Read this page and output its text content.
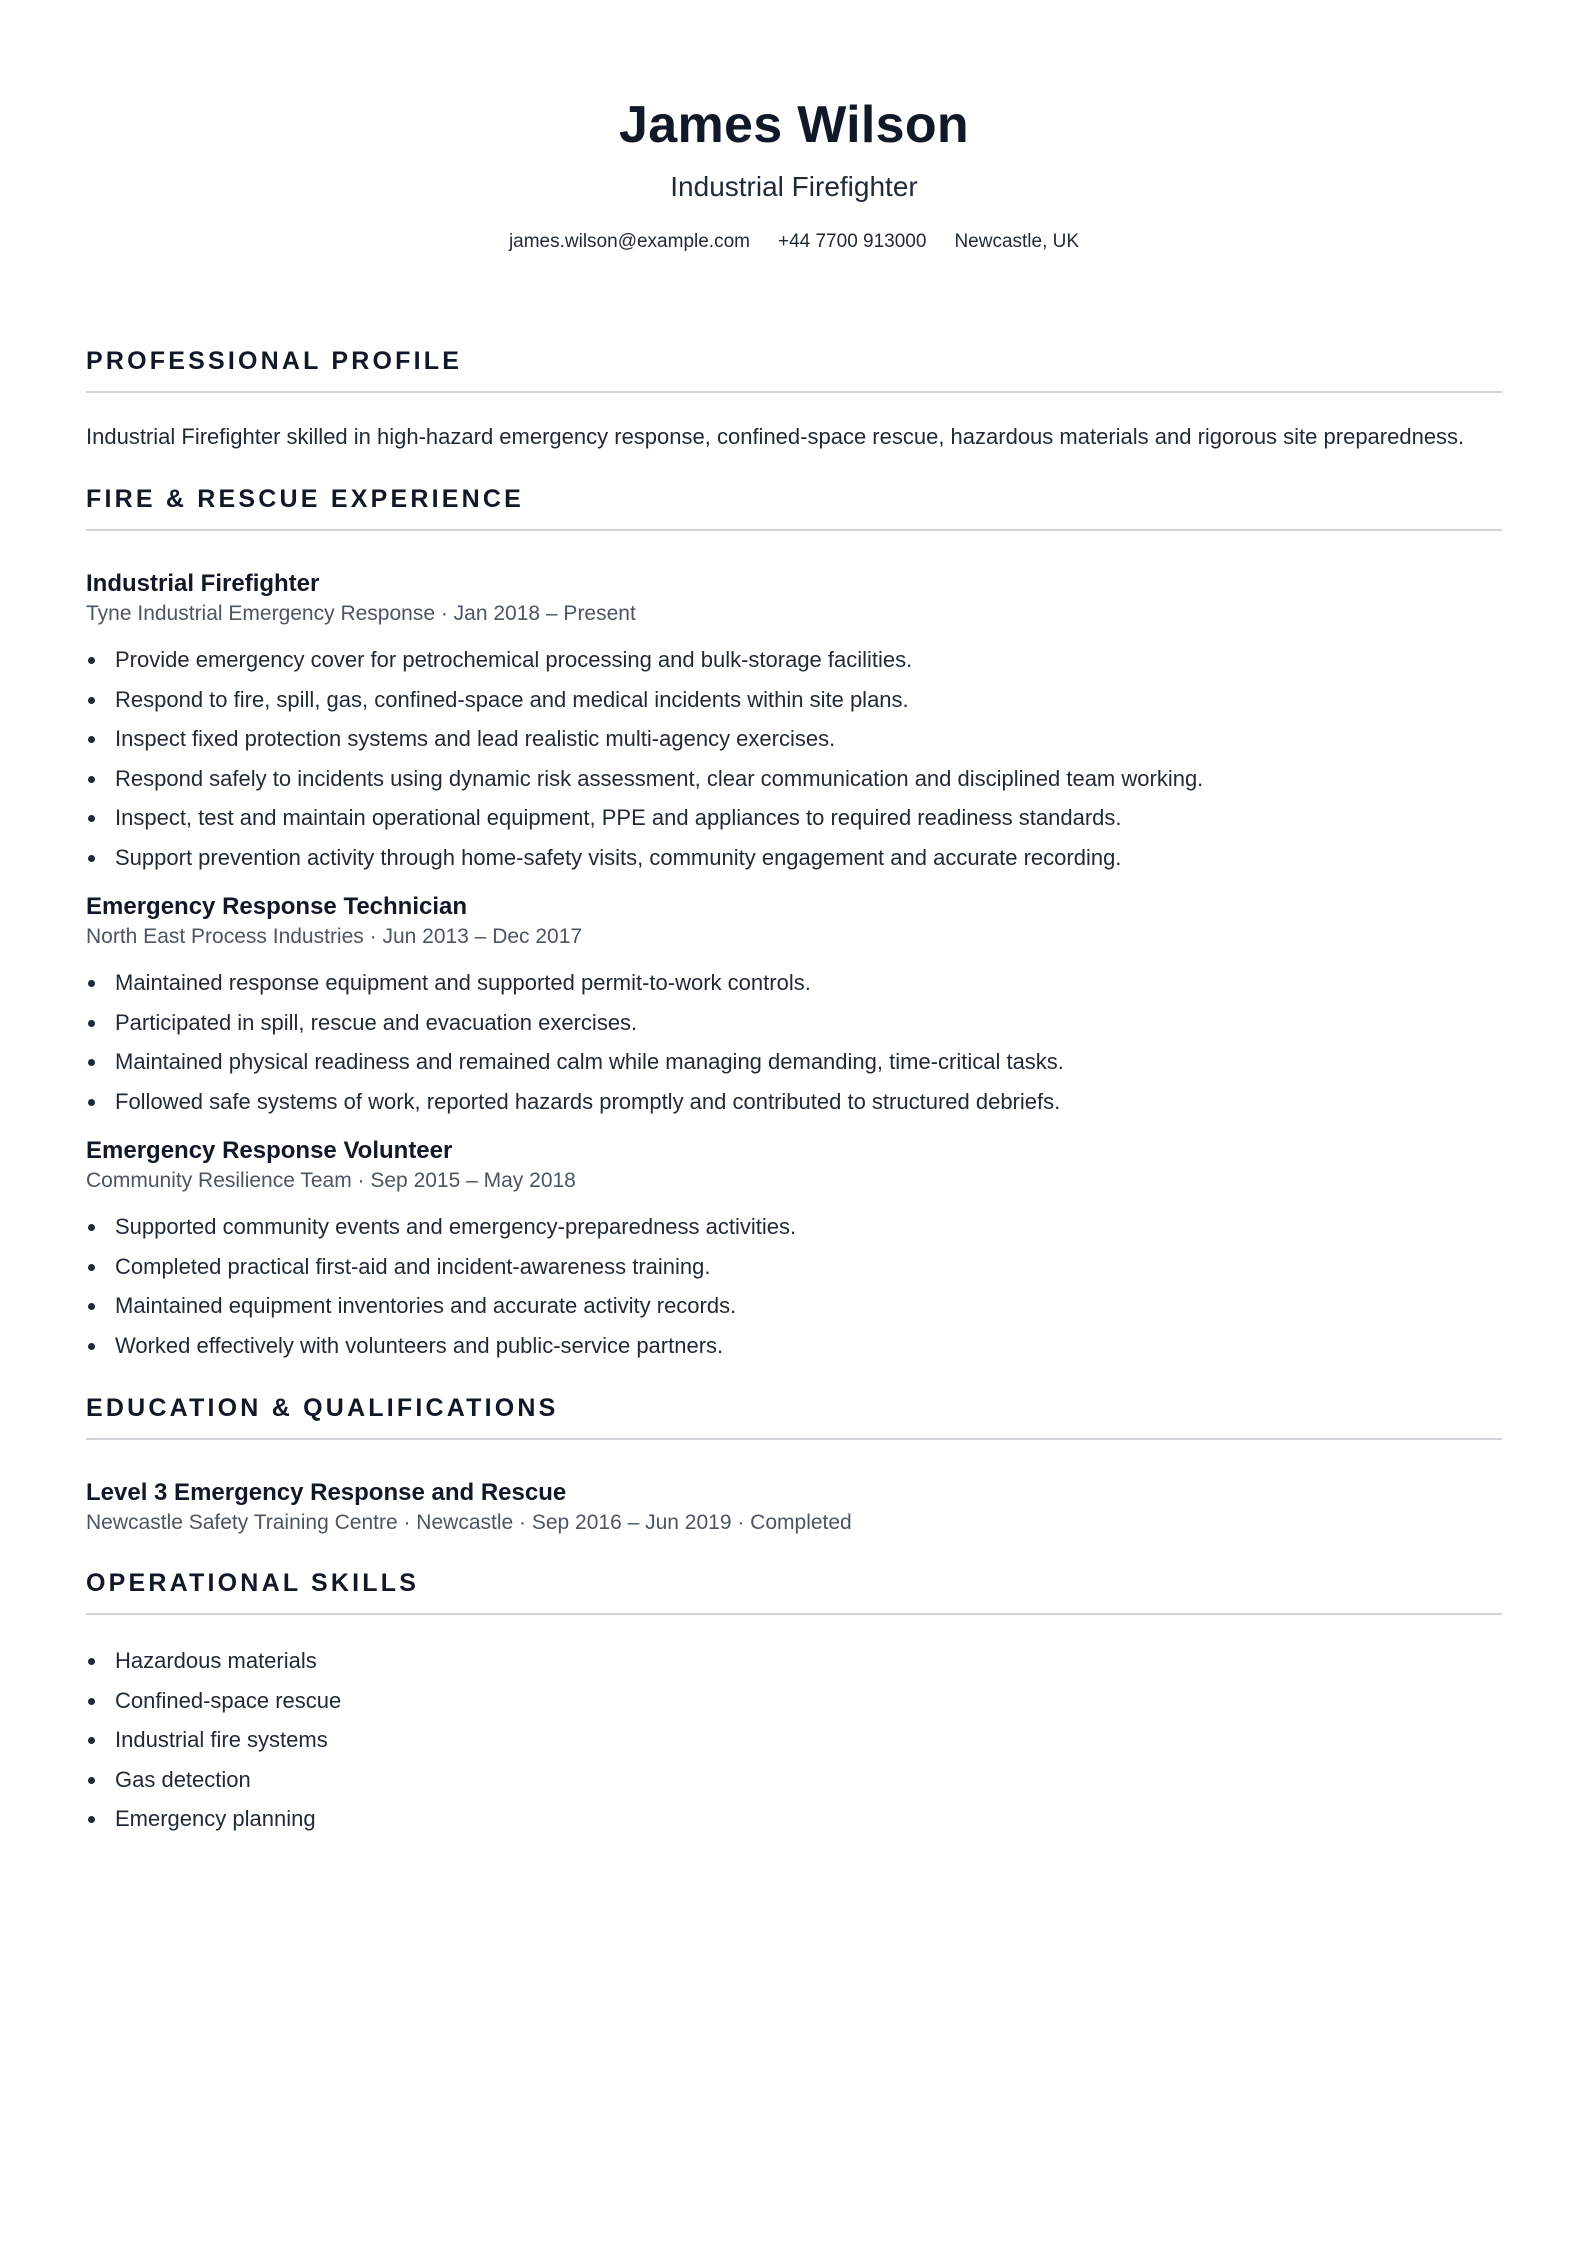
James Wilson
Industrial Firefighter
james.wilson@example.com +44 7700 913000 Newcastle, UK
PROFESSIONAL PROFILE

Industrial Firefighter skilled in high-hazard emergency response, confined-space rescue, hazardous materials and rigorous site preparedness.

FIRE & RESCUE EXPERIENCE
Industrial Firefighter
Tyne Industrial Emergency Response · Jan 2018 – Present
Provide emergency cover for petrochemical processing and bulk-storage facilities.
Respond to fire, spill, gas, confined-space and medical incidents within site plans.
Inspect fixed protection systems and lead realistic multi-agency exercises.
Respond safely to incidents using dynamic risk assessment, clear communication and disciplined team working.
Inspect, test and maintain operational equipment, PPE and appliances to required readiness standards.
Support prevention activity through home-safety visits, community engagement and accurate recording.
Emergency Response Technician
North East Process Industries · Jun 2013 – Dec 2017
Maintained response equipment and supported permit-to-work controls.
Participated in spill, rescue and evacuation exercises.
Maintained physical readiness and remained calm while managing demanding, time-critical tasks.
Followed safe systems of work, reported hazards promptly and contributed to structured debriefs.
Emergency Response Volunteer
Community Resilience Team · Sep 2015 – May 2018
Supported community events and emergency-preparedness activities.
Completed practical first-aid and incident-awareness training.
Maintained equipment inventories and accurate activity records.
Worked effectively with volunteers and public-service partners.
EDUCATION & QUALIFICATIONS
Level 3 Emergency Response and Rescue
Newcastle Safety Training Centre · Newcastle · Sep 2016 – Jun 2019 · Completed
OPERATIONAL SKILLS
Hazardous materials
Confined-space rescue
Industrial fire systems
Gas detection
Emergency planning
